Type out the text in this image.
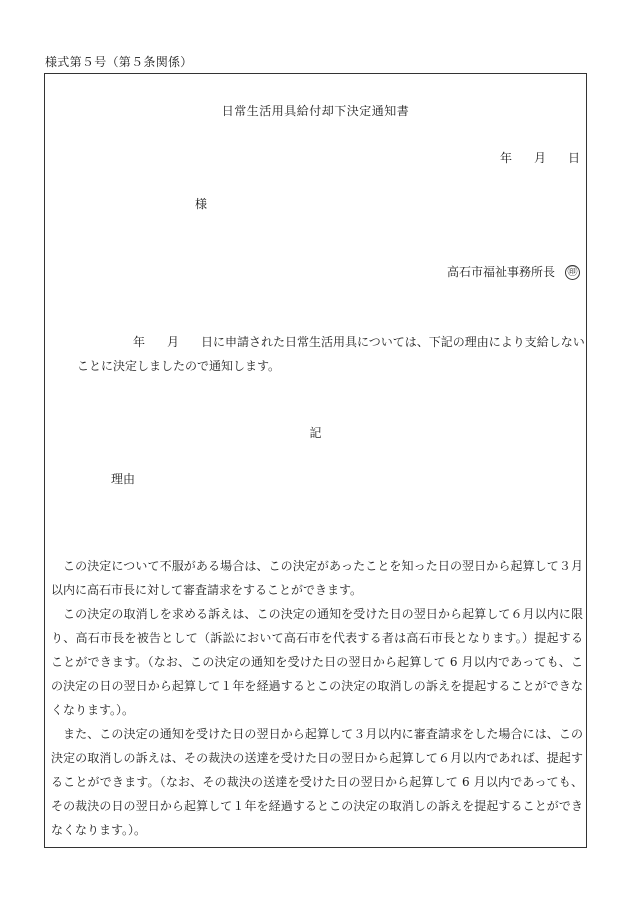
様式第５号（第５条関係）
日常生活用具給付却下決定通知書
年 月 日
様
高石市福祉事務所長 ㊞
年 月 日に申請された日常生活用具については、下記の理由により支給しないことに決定しましたので通知します。
記
理由

この決定について不服がある場合は、この決定があったことを知った日の翌日から起算して３月以内に高石市長に対して審査請求をすることができます。

この決定の取消しを求める訴えは、この決定の通知を受けた日の翌日から起算して６月以内に限り、高石市長を被告として（訴訟において高石市を代表する者は高石市長となります。）提起することができます。（なお、この決定の通知を受けた日の翌日から起算して 6 月以内であっても、この決定の日の翌日から起算して１年を経過するとこの決定の取消しの訴えを提起することができなくなります。）。

また、この決定の通知を受けた日の翌日から起算して３月以内に審査請求をした場合には、この決定の取消しの訴えは、その裁決の送達を受けた日の翌日から起算して６月以内であれば、提起することができます。（なお、その裁決の送達を受けた日の翌日から起算して 6 月以内であっても、その裁決の日の翌日から起算して１年を経過するとこの決定の取消しの訴えを提起することができなくなります。）。
